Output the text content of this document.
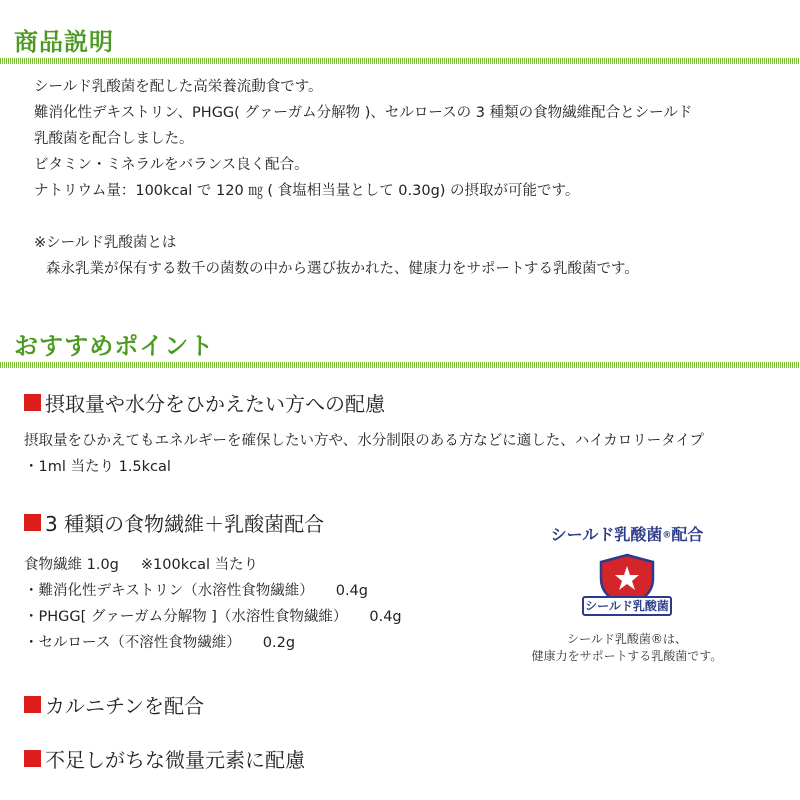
商品説明

シールド乳酸菌を配した高栄養流動食です。

難消化性デキストリン、PHGG( グァーガム分解物 )、セルロースの 3 種類の食物繊維配合とシールド

乳酸菌を配合しました。

ビタミン・ミネラルをバランス良く配合。

ナトリウム量：100kcal で 120 ㎎ ( 食塩相当量として 0.30g) の摂取が可能です。

※シールド乳酸菌とは

森永乳業が保有する数千の菌数の中から選び抜かれた、健康力をサポートする乳酸菌です。

おすすめポイント
摂取量や水分をひかえたい方への配慮

摂取量をひかえてもエネルギーを確保したい方や、水分制限のある方などに適した、ハイカロリータイプ

・1ml 当たり 1.5kcal

3 種類の食物繊維＋乳酸菌配合

食物繊維 1.0g ※100kcal 当たり

・難消化性デキストリン（水溶性食物繊維） 0.4g

・PHGG[ グァーガム分解物 ]（水溶性食物繊維） 0.4g

・セルロース（不溶性食物繊維） 0.2g

シールド乳酸菌®配合
シールド乳酸菌
シールド乳酸菌®は、
健康力をサポートする乳酸菌です。
カルニチンを配合
不足しがちな微量元素に配慮
